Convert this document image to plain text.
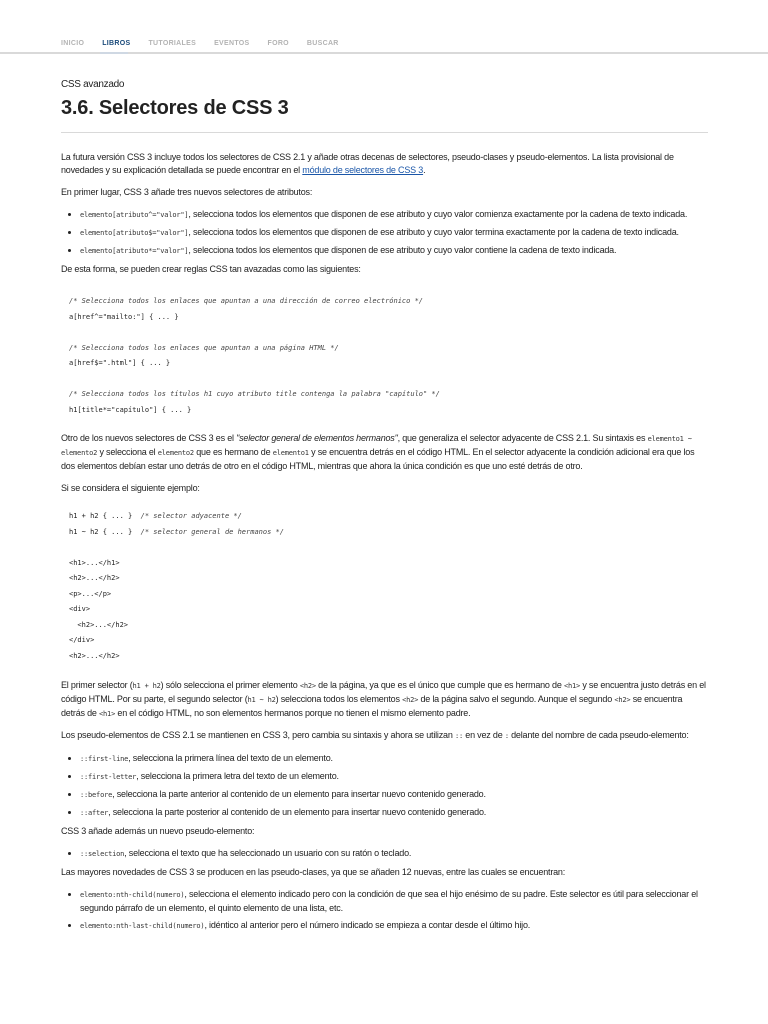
INICIO	LIBROS	TUTORIALES	EVENTOS	FORO	BUSCAR

CSS avanzado

3.6. Selectores de CSS 3

La futura versión CSS 3 incluye todos los selectores de CSS 2.1 y añade otras decenas de selectores, pseudo-clases y pseudo-elementos. La lista provisional de novedades y su explicación detallada se puede encontrar en el módulo de selectores de CSS 3.

En primer lugar, CSS 3 añade tres nuevos selectores de atributos:

• elemento[atributo^="valor"], selecciona todos los elementos que disponen de ese atributo y cuyo valor comienza exactamente por la cadena de texto indicada.
• elemento[atributo$="valor"], selecciona todos los elementos que disponen de ese atributo y cuyo valor termina exactamente por la cadena de texto indicada.
• elemento[atributo*="valor"], selecciona todos los elementos que disponen de ese atributo y cuyo valor contiene la cadena de texto indicada.

De esta forma, se pueden crear reglas CSS tan avazadas como las siguientes:

/* Selecciona todos los enlaces que apuntan a una dirección de correo electrónico */
a[href^="mailto:"] { ... }

/* Selecciona todos los enlaces que apuntan a una página HTML */
a[href$=".html"] { ... }

/* Selecciona todos los títulos h1 cuyo atributo title contenga la palabra "capítulo" */
h1[title*="capítulo"] { ... }

Otro de los nuevos selectores de CSS 3 es el "selector general de elementos hermanos", que generaliza el selector adyacente de CSS 2.1. Su sintaxis es elemento1 ~ elemento2 y selecciona el elemento2 que es hermano de elemento1 y se encuentra detrás en el código HTML. En el selector adyacente la condición adicional era que los dos elementos debían estar uno detrás de otro en el código HTML, mientras que ahora la única condición es que uno esté detrás de otro.

Si se considera el siguiente ejemplo:

h1 + h2 { ... } /* selector adyacente */
h1 ~ h2 { ... } /* selector general de hermanos */

<h1>...</h1>
<h2>...</h2>
<p>...</p>
<div>
<h2>...</h2>
</div>
<h2>...</h2>

El primer selector (h1 + h2) sólo selecciona el primer elemento <h2> de la página, ya que es el único que cumple que es hermano de <h1> y se encuentra justo detrás en el código HTML. Por su parte, el segundo selector (h1 ~ h2) selecciona todos los elementos <h2> de la página salvo el segundo. Aunque el segundo <h2> se encuentra detrás de <h1> en el código HTML, no son elementos hermanos porque no tienen el mismo elemento padre.

Los pseudo-elementos de CSS 2.1 se mantienen en CSS 3, pero cambia su sintaxis y ahora se utilizan :: en vez de : delante del nombre de cada pseudo-elemento:

• ::first-line, selecciona la primera línea del texto de un elemento.
• ::first-letter, selecciona la primera letra del texto de un elemento.
• ::before, selecciona la parte anterior al contenido de un elemento para insertar nuevo contenido generado.
• ::after, selecciona la parte posterior al contenido de un elemento para insertar nuevo contenido generado.

CSS 3 añade además un nuevo pseudo-elemento:

• ::selection, selecciona el texto que ha seleccionado un usuario con su ratón o teclado.

Las mayores novedades de CSS 3 se producen en las pseudo-clases, ya que se añaden 12 nuevas, entre las cuales se encuentran:

• elemento:nth-child(numero), selecciona el elemento indicado pero con la condición de que sea el hijo enésimo de su padre. Este selector es útil para seleccionar el segundo párrafo de un elemento, el quinto elemento de una lista, etc.
• elemento:nth-last-child(numero), idéntico al anterior pero el número indicado se empieza a contar desde el último hijo.
